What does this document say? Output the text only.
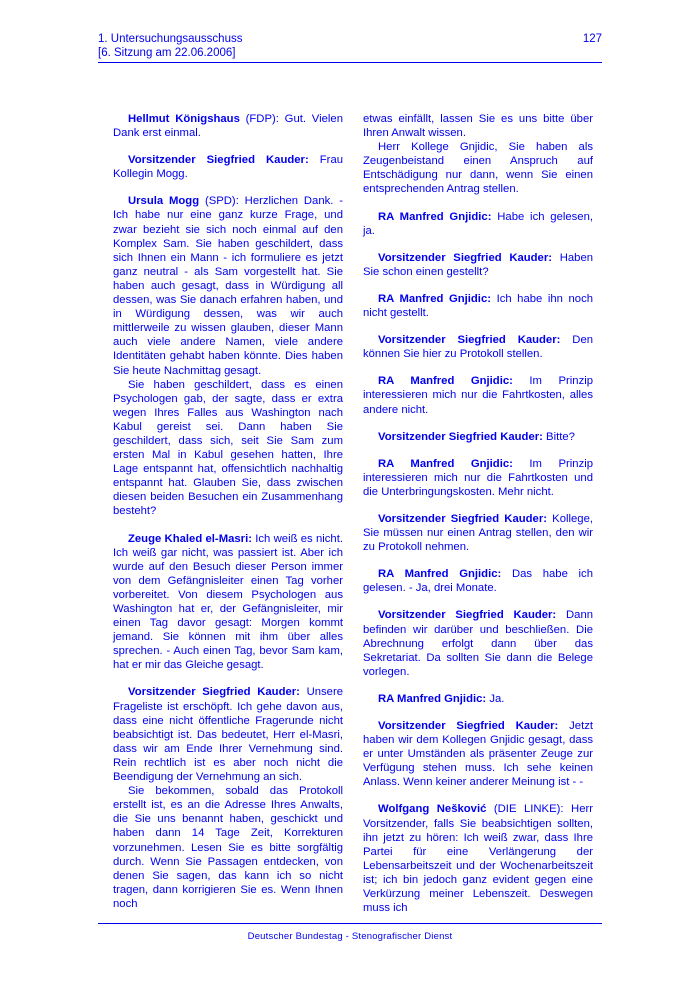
1. Untersuchungsausschuss
[6. Sitzung am 22.06.2006]
127

Hellmut Königshaus (FDP): Gut. Vielen Dank erst einmal.

Vorsitzender Siegfried Kauder: Frau Kollegin Mogg.

Ursula Mogg (SPD): Herzlichen Dank. - Ich habe nur eine ganz kurze Frage, und zwar bezieht sie sich noch einmal auf den Komplex Sam. Sie haben geschildert, dass sich Ihnen ein Mann - ich formuliere es jetzt ganz neutral - als Sam vorgestellt hat. Sie haben auch gesagt, dass in Würdigung all dessen, was Sie danach erfahren haben, und in Würdigung dessen, was wir auch mittlerweile zu wissen glauben, dieser Mann auch viele andere Namen, viele andere Identitäten gehabt haben könnte. Dies haben Sie heute Nachmittag gesagt.

Sie haben geschildert, dass es einen Psychologen gab, der sagte, dass er extra wegen Ihres Falles aus Washington nach Kabul gereist sei. Dann haben Sie geschildert, dass sich, seit Sie Sam zum ersten Mal in Kabul gesehen hatten, Ihre Lage entspannt hat, offensichtlich nachhaltig entspannt hat. Glauben Sie, dass zwischen diesen beiden Besuchen ein Zusammenhang besteht?

Zeuge Khaled el-Masri: Ich weiß es nicht. Ich weiß gar nicht, was passiert ist. Aber ich wurde auf den Besuch dieser Person immer von dem Gefängnisleiter einen Tag vorher vorbereitet. Von diesem Psychologen aus Washington hat er, der Gefängnisleiter, mir einen Tag davor gesagt: Morgen kommt jemand. Sie können mit ihm über alles sprechen. - Auch einen Tag, bevor Sam kam, hat er mir das Gleiche gesagt.

Vorsitzender Siegfried Kauder: Unsere Frageliste ist erschöpft. Ich gehe davon aus, dass eine nicht öffentliche Fragerunde nicht beabsichtigt ist. Das bedeutet, Herr el-Masri, dass wir am Ende Ihrer Vernehmung sind. Rein rechtlich ist es aber noch nicht die Beendigung der Vernehmung an sich.

Sie bekommen, sobald das Protokoll erstellt ist, es an die Adresse Ihres Anwalts, die Sie uns benannt haben, geschickt und haben dann 14 Tage Zeit, Korrekturen vorzunehmen. Lesen Sie es bitte sorgfältig durch. Wenn Sie Passagen entdecken, von denen Sie sagen, das kann ich so nicht tragen, dann korrigieren Sie es. Wenn Ihnen noch

etwas einfällt, lassen Sie es uns bitte über Ihren Anwalt wissen.

Herr Kollege Gnjidic, Sie haben als Zeugenbeistand einen Anspruch auf Entschädigung nur dann, wenn Sie einen entsprechenden Antrag stellen.

RA Manfred Gnjidic: Habe ich gelesen, ja.

Vorsitzender Siegfried Kauder: Haben Sie schon einen gestellt?

RA Manfred Gnjidic: Ich habe ihn noch nicht gestellt.

Vorsitzender Siegfried Kauder: Den können Sie hier zu Protokoll stellen.

RA Manfred Gnjidic: Im Prinzip interessieren mich nur die Fahrtkosten, alles andere nicht.

Vorsitzender Siegfried Kauder: Bitte?

RA Manfred Gnjidic: Im Prinzip interessieren mich nur die Fahrtkosten und die Unterbringungskosten. Mehr nicht.

Vorsitzender Siegfried Kauder: Kollege, Sie müssen nur einen Antrag stellen, den wir zu Protokoll nehmen.

RA Manfred Gnjidic: Das habe ich gelesen. - Ja, drei Monate.

Vorsitzender Siegfried Kauder: Dann befinden wir darüber und beschließen. Die Abrechnung erfolgt dann über das Sekretariat. Da sollten Sie dann die Belege vorlegen.

RA Manfred Gnjidic: Ja.

Vorsitzender Siegfried Kauder: Jetzt haben wir dem Kollegen Gnjidic gesagt, dass er unter Umständen als präsenter Zeuge zur Verfügung stehen muss. Ich sehe keinen Anlass. Wenn keiner anderer Meinung ist - -

Wolfgang Nešković (DIE LINKE): Herr Vorsitzender, falls Sie beabsichtigen sollten, ihn jetzt zu hören: Ich weiß zwar, dass Ihre Partei für eine Verlängerung der Lebensarbeitszeit und der Wochenarbeitszeit ist; ich bin jedoch ganz evident gegen eine Verkürzung meiner Lebenszeit. Deswegen muss ich

Deutscher Bundestag - Stenografischer Dienst
